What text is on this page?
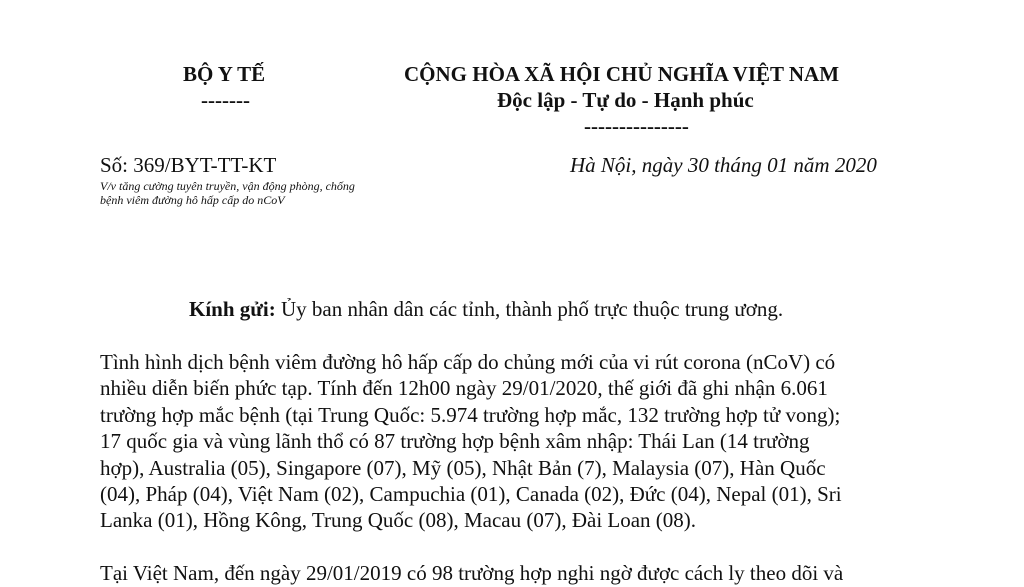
BỘ Y TẾ
-------
CỘNG HÒA XÃ HỘI CHỦ NGHĨA VIỆT NAM
Độc lập - Tự do - Hạnh phúc
---------------
Số: 369/BYT-TT-KT	Hà Nội, ngày 30 tháng 01 năm 2020
V/v tăng cường tuyên truyền, vận động phòng, chống bệnh viêm đường hô hấp cấp do nCoV
Kính gửi: Ủy ban nhân dân các tỉnh, thành phố trực thuộc trung ương.
Tình hình dịch bệnh viêm đường hô hấp cấp do chủng mới của vi rút corona (nCoV) có
nhiều diễn biến phức tạp. Tính đến 12h00 ngày 29/01/2020, thế giới đã ghi nhận 6.061
trường hợp mắc bệnh (tại Trung Quốc: 5.974 trường hợp mắc, 132 trường hợp tử vong);
17 quốc gia và vùng lãnh thổ có 87 trường hợp bệnh xâm nhập: Thái Lan (14 trường
hợp), Australia (05), Singapore (07), Mỹ (05), Nhật Bản (7), Malaysia (07), Hàn Quốc
(04), Pháp (04), Việt Nam (02), Campuchia (01), Canada (02), Đức (04), Nepal (01), Sri
Lanka (01), Hồng Kông, Trung Quốc (08), Macau (07), Đài Loan (08).
Tại Việt Nam, đến ngày 29/01/2019 có 98 trường hợp nghi ngờ được cách ly theo dõi và
